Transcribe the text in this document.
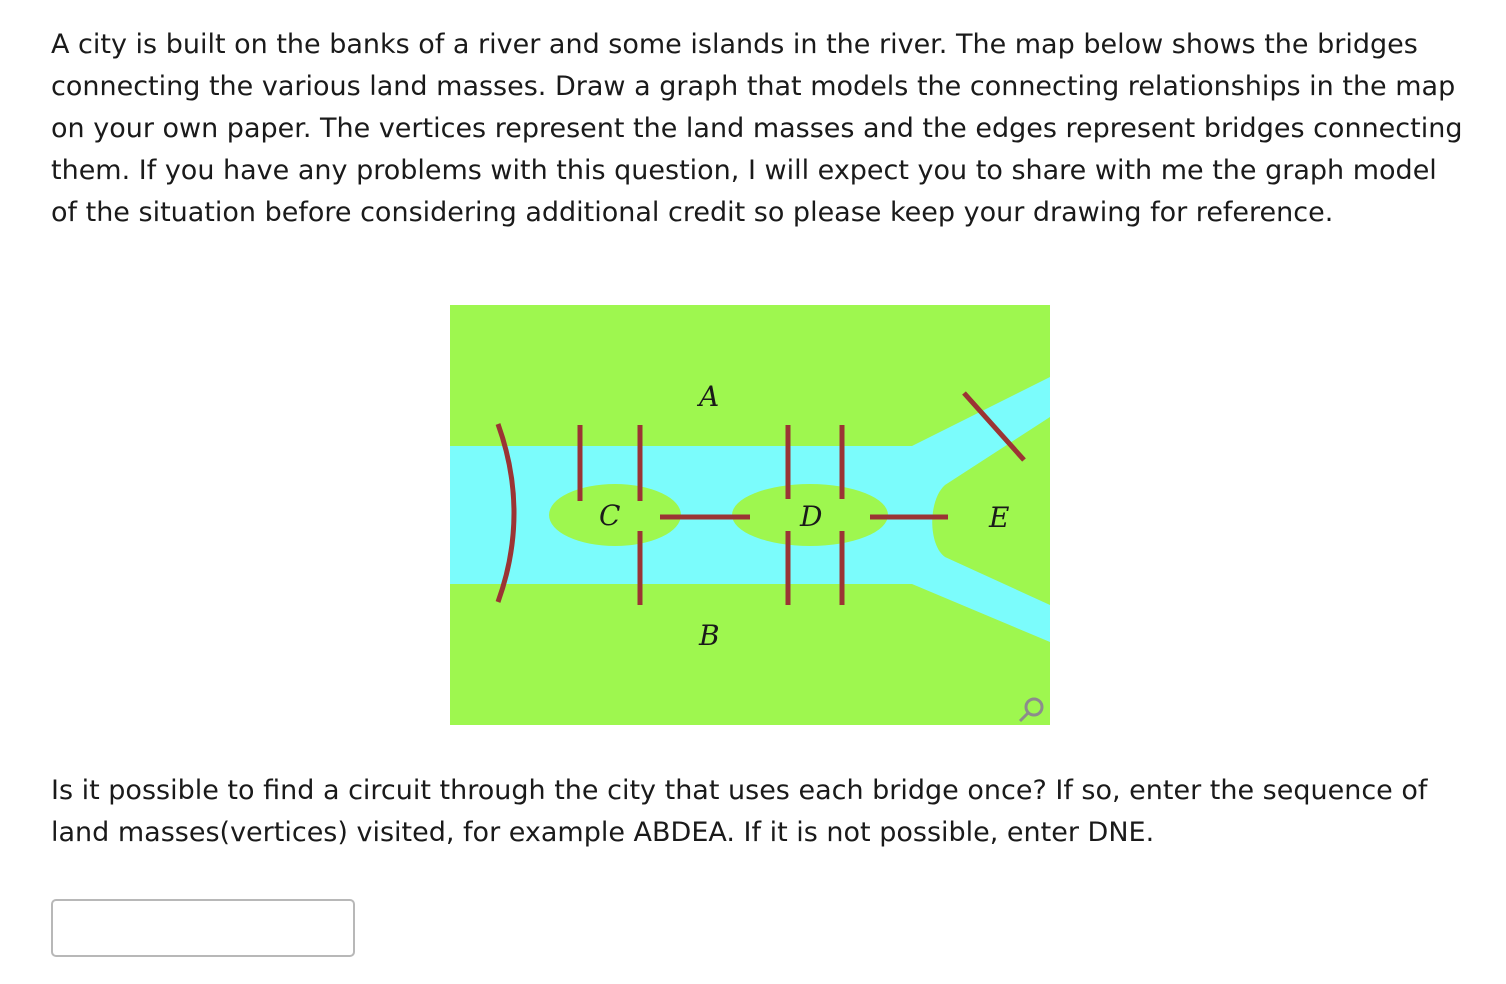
A city is built on the banks of a river and some islands in the river. The map below shows the bridges connecting the various land masses. Draw a graph that models the connecting relationships in the map on your own paper. The vertices represent the land masses and the edges represent bridges connecting them. If you have any problems with this question, I will expect you to share with me the graph model of the situation before considering additional credit so please keep your drawing for reference.

A
B
C	D	E

Is it possible to find a circuit through the city that uses each bridge once? If so, enter the sequence of land masses(vertices) visited, for example ABDEA. If it is not possible, enter DNE.
